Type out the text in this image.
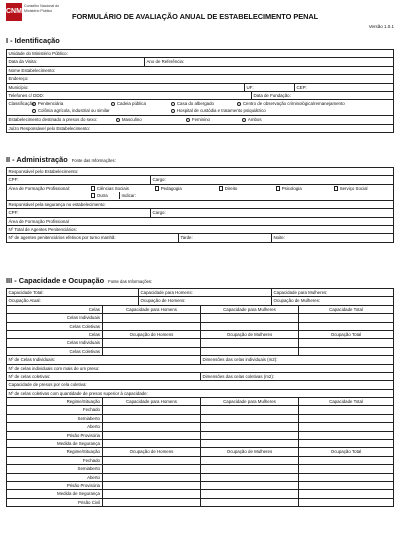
CNMP
Conselho Nacional do Ministério Público
FORMULÁRIO DE AVALIAÇÃO ANUAL DE ESTABELECIMENTO PENAL
Versão 1.0.1
I - Identificação
Unidade do Ministério Público:
Data da Visita:	Ano de Referência:
Nome Estabelecimento:
Endereço:
Município:	UF:	CEP:
Telefones c/ DDD:	Data de Fundação:
Classificação: Penitenciária	Cadeia pública	Casa do albergado	Centro de observação criminológica/remanejamento
Colônia agrícola, industrial ou similar	Hospital de custódia e tratamento psiquiátrico
Estabelecimento destinado a presos do sexo:	Masculino	Feminino	Ambos
Juízo Responsável pelo Estabelecimento:
II - Administração Fonte das Informações:
Responsável pelo Estabelecimento:
CPF:	Cargo:
Área de Formação Profissional:	Ciências Sociais	Pedagogia	Direito	Psicologia	Serviço Social
Outra	Indicar:
Responsável pela segurança no estabelecimento:
CPF:	Cargo:
Área de Formação Profissional
Nº Total de Agentes Penitenciários:
Nº de agentes penitenciários efetivos por turno manhã:	Tarde:	Noite:
III - Capacidade e Ocupação Fonte das Informações:
Capacidade Total:	Capacidade para Homens:	Capacidade para Mulheres:
Ocupação Atual:	Ocupação de Homens:	Ocupação de Mulheres:
Celas	Capacidade para Homens	Capacidade para Mulheres	Capacidade Total
Celas Individuais
Celas Coletivas
Celas	Ocupação de Homens	Ocupação de Mulheres	Ocupação Total
Celas Individuais
Celas Coletivas
Nº de Celas Individuais:	Dimensões das celas individuais (m2):
Nº de celas individuais com mais de um preso:
Nº de celas coletivas:	Dimensões das celas coletivas (m2):
Capacidade de presos por cela coletiva:
Nº de celas coletivas com quantidade de presos superior à capacidade:
Regime/Situação	Capacidade para Homens	Capacidade para Mulheres	Capacidade Total
Fechado
Semiaberto
Aberto
Prisão Provisória
Medida de Segurança
Regime/Situação	Ocupação de Homens	Ocupação de Mulheres	Ocupação Total
Fechado
Semiaberto
Aberto
Prisão Provisória
Medida de Segurança
Prisão Civil
